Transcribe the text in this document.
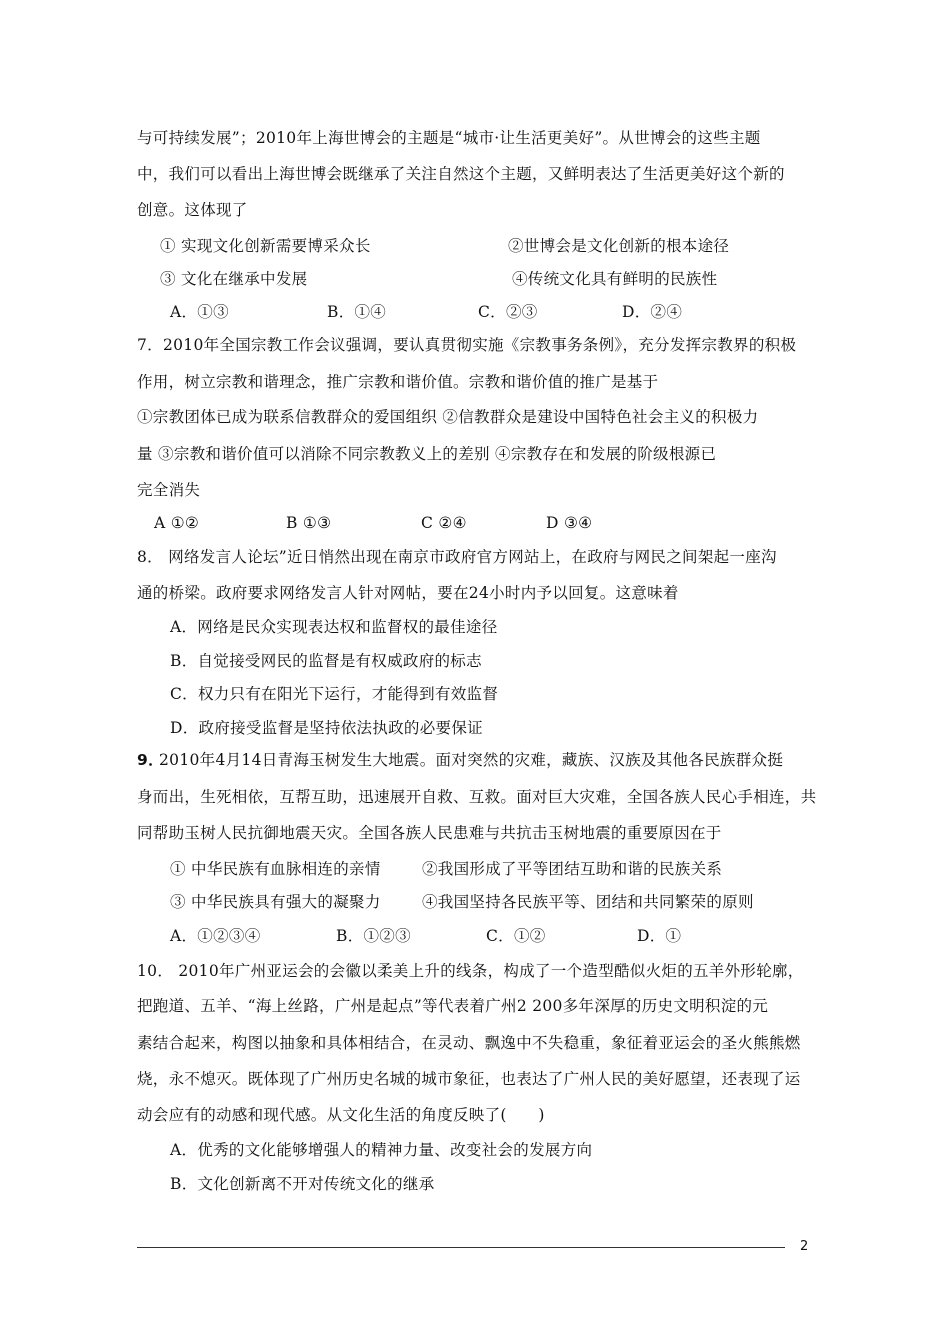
与可持续发展”；2010年上海世博会的主题是“城市·让生活更美好”。从世博会的这些主题

中，我们可以看出上海世博会既继承了关注自然这个主题，又鲜明表达了生活更美好这个新的

创意。这体现了

① 实现文化创新需要博采众长	②世博会是文化创新的根本途径

③ 文化在继承中发展	④传统文化具有鲜明的民族性

A．①③	B．①④	C．②③	D．②④

7．2010年全国宗教工作会议强调，要认真贯彻实施《宗教事务条例》，充分发挥宗教界的积极

作用，树立宗教和谐理念，推广宗教和谐价值。宗教和谐价值的推广是基于

①宗教团体已成为联系信教群众的爱国组织 ②信教群众是建设中国特色社会主义的积极力

量 ③宗教和谐价值可以消除不同宗教教义上的差别 ④宗教存在和发展的阶级根源已

完全消失

A ①②	B ①③	C ②④	D ③④

8． 网络发言人论坛”近日悄然出现在南京市政府官方网站上，在政府与网民之间架起一座沟

通的桥梁。政府要求网络发言人针对网帖，要在24小时内予以回复。这意味着

A．网络是民众实现表达权和监督权的最佳途径

B．自觉接受网民的监督是有权威政府的标志

C．权力只有在阳光下运行，才能得到有效监督

D．政府接受监督是坚持依法执政的必要保证

9．

2010年4月14日青海玉树发生大地震。面对突然的灾难，藏族、汉族及其他各民族群众挺

身而出，生死相依，互帮互助，迅速展开自救、互救。面对巨大灾难，全国各族人民心手相连，共

同帮助玉树人民抗御地震天灾。全国各族人民患难与共抗击玉树地震的重要原因在于

① 中华民族有血脉相连的亲情	②我国形成了平等团结互助和谐的民族关系

③ 中华民族具有强大的凝聚力	④我国坚持各民族平等、团结和共同繁荣的原则

A．①②③④	B．①②③	C．①②	D．①

10． 2010年广州亚运会的会徽以柔美上升的线条，构成了一个造型酷似火炬的五羊外形轮廓，

把跑道、五羊、“海上丝路，广州是起点”等代表着广州2 200多年深厚的历史文明积淀的元

素结合起来，构图以抽象和具体相结合，在灵动、飘逸中不失稳重，象征着亚运会的圣火熊熊燃

烧，永不熄灭。既体现了广州历史名城的城市象征，也表达了广州人民的美好愿望，还表现了运

动会应有的动感和现代感。从文化生活的角度反映了(　　)

A．优秀的文化能够增强人的精神力量、改变社会的发展方向

B．文化创新离不开对传统文化的继承

2
